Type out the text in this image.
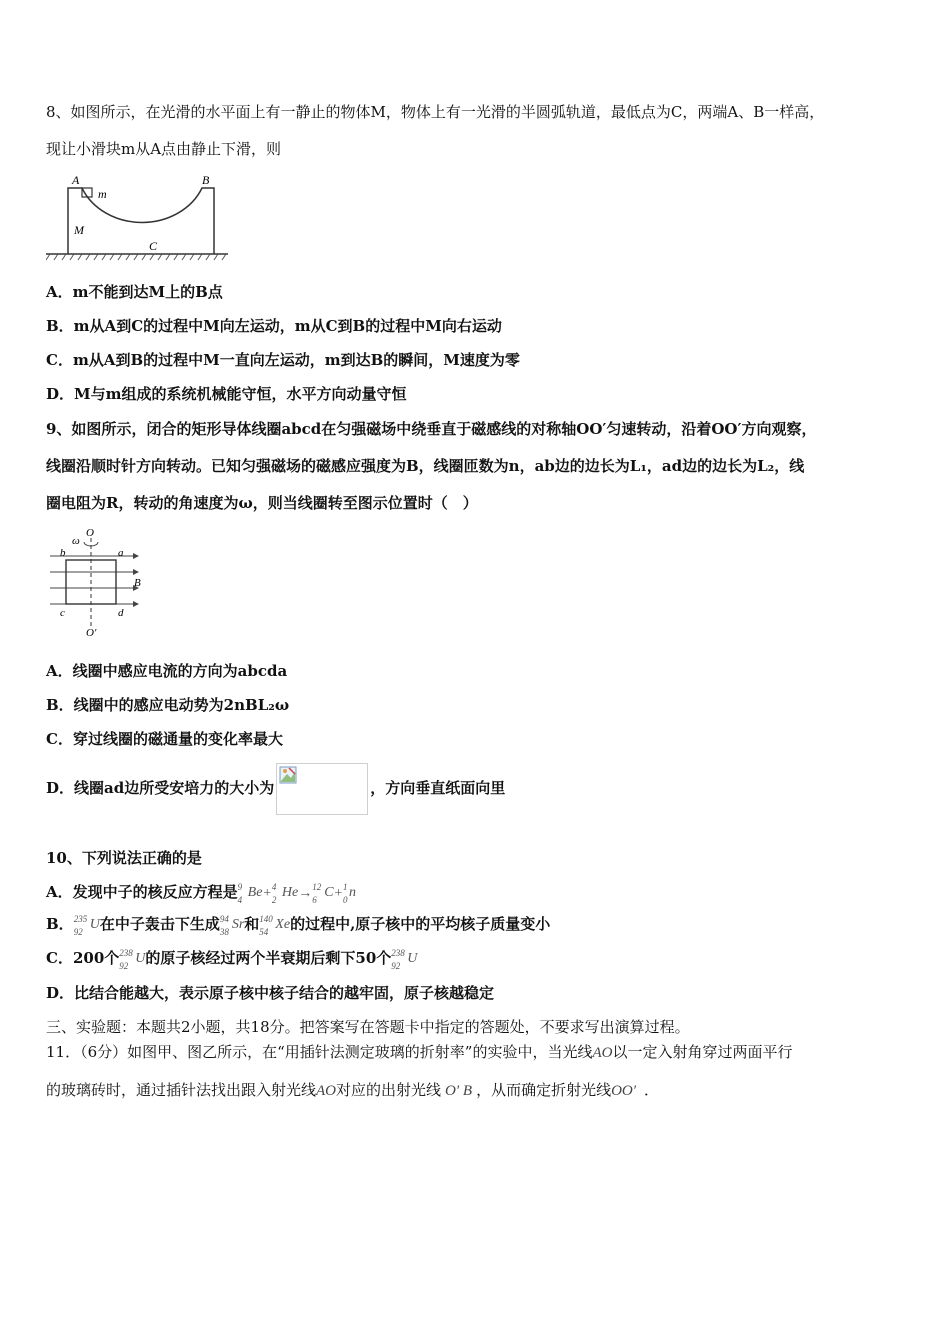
8、如图所示，在光滑的水平面上有一静止的物体M，物体上有一光滑的半圆弧轨道，最低点为C，两端A、B一样高，
现让小滑块m从A点由静止下滑，则
A
m
B
C
M
A．m不能到达M上的B点
B．m从A到C的过程中M向左运动，m从C到B的过程中M向右运动
C．m从A到B的过程中M一直向左运动，m到达B的瞬间，M速度为零
D．M与m组成的系统机械能守恒，水平方向动量守恒
9、如图所示，闭合的矩形导体线圈abcd在匀强磁场中绕垂直于磁感线的对称轴OO′匀速转动，沿着OO′方向观察，
线圈沿顺时针方向转动。已知匀强磁场的磁感应强度为B，线圈匝数为n，ab边的边长为L₁，ad边的边长为L₂，线
圈电阻为R，转动的角速度为ω，则当线圈转至图示位置时（　）
ω
O
O′
b	a
c	d
B
A．线圈中感应电流的方向为abcda
B．线圈中的感应电动势为2nBL₂ω
C．穿过线圈的磁通量的变化率最大
D．线圈ad边所受安培力的大小为	，方向垂直纸面向里
10、下列说法正确的是
A．发现中子的核反应方程是 9
4 Be+ 4
2 He→ 12
6 C+ 1
0 n
B． 235
92 U在中子轰击下生成 94
38 Sr和 140
54 Xe的过程中,原子核中的平均核子质量变小
C．200个 238
92 U的原子核经过两个半衰期后剩下50个 238
92 U
D．比结合能越大，表示原子核中核子结合的越牢固，原子核越稳定
三、实验题：本题共2小题，共18分。把答案写在答题卡中指定的答题处，不要求写出演算过程。
11．（6分）如图甲、图乙所示，在“用插针法测定玻璃的折射率”的实验中，当光线AO以一定入射角穿过两面平行
的玻璃砖时，通过插针法找出跟入射光线AO对应的出射光线 O′ B ，从而确定折射光线OO′ ．
